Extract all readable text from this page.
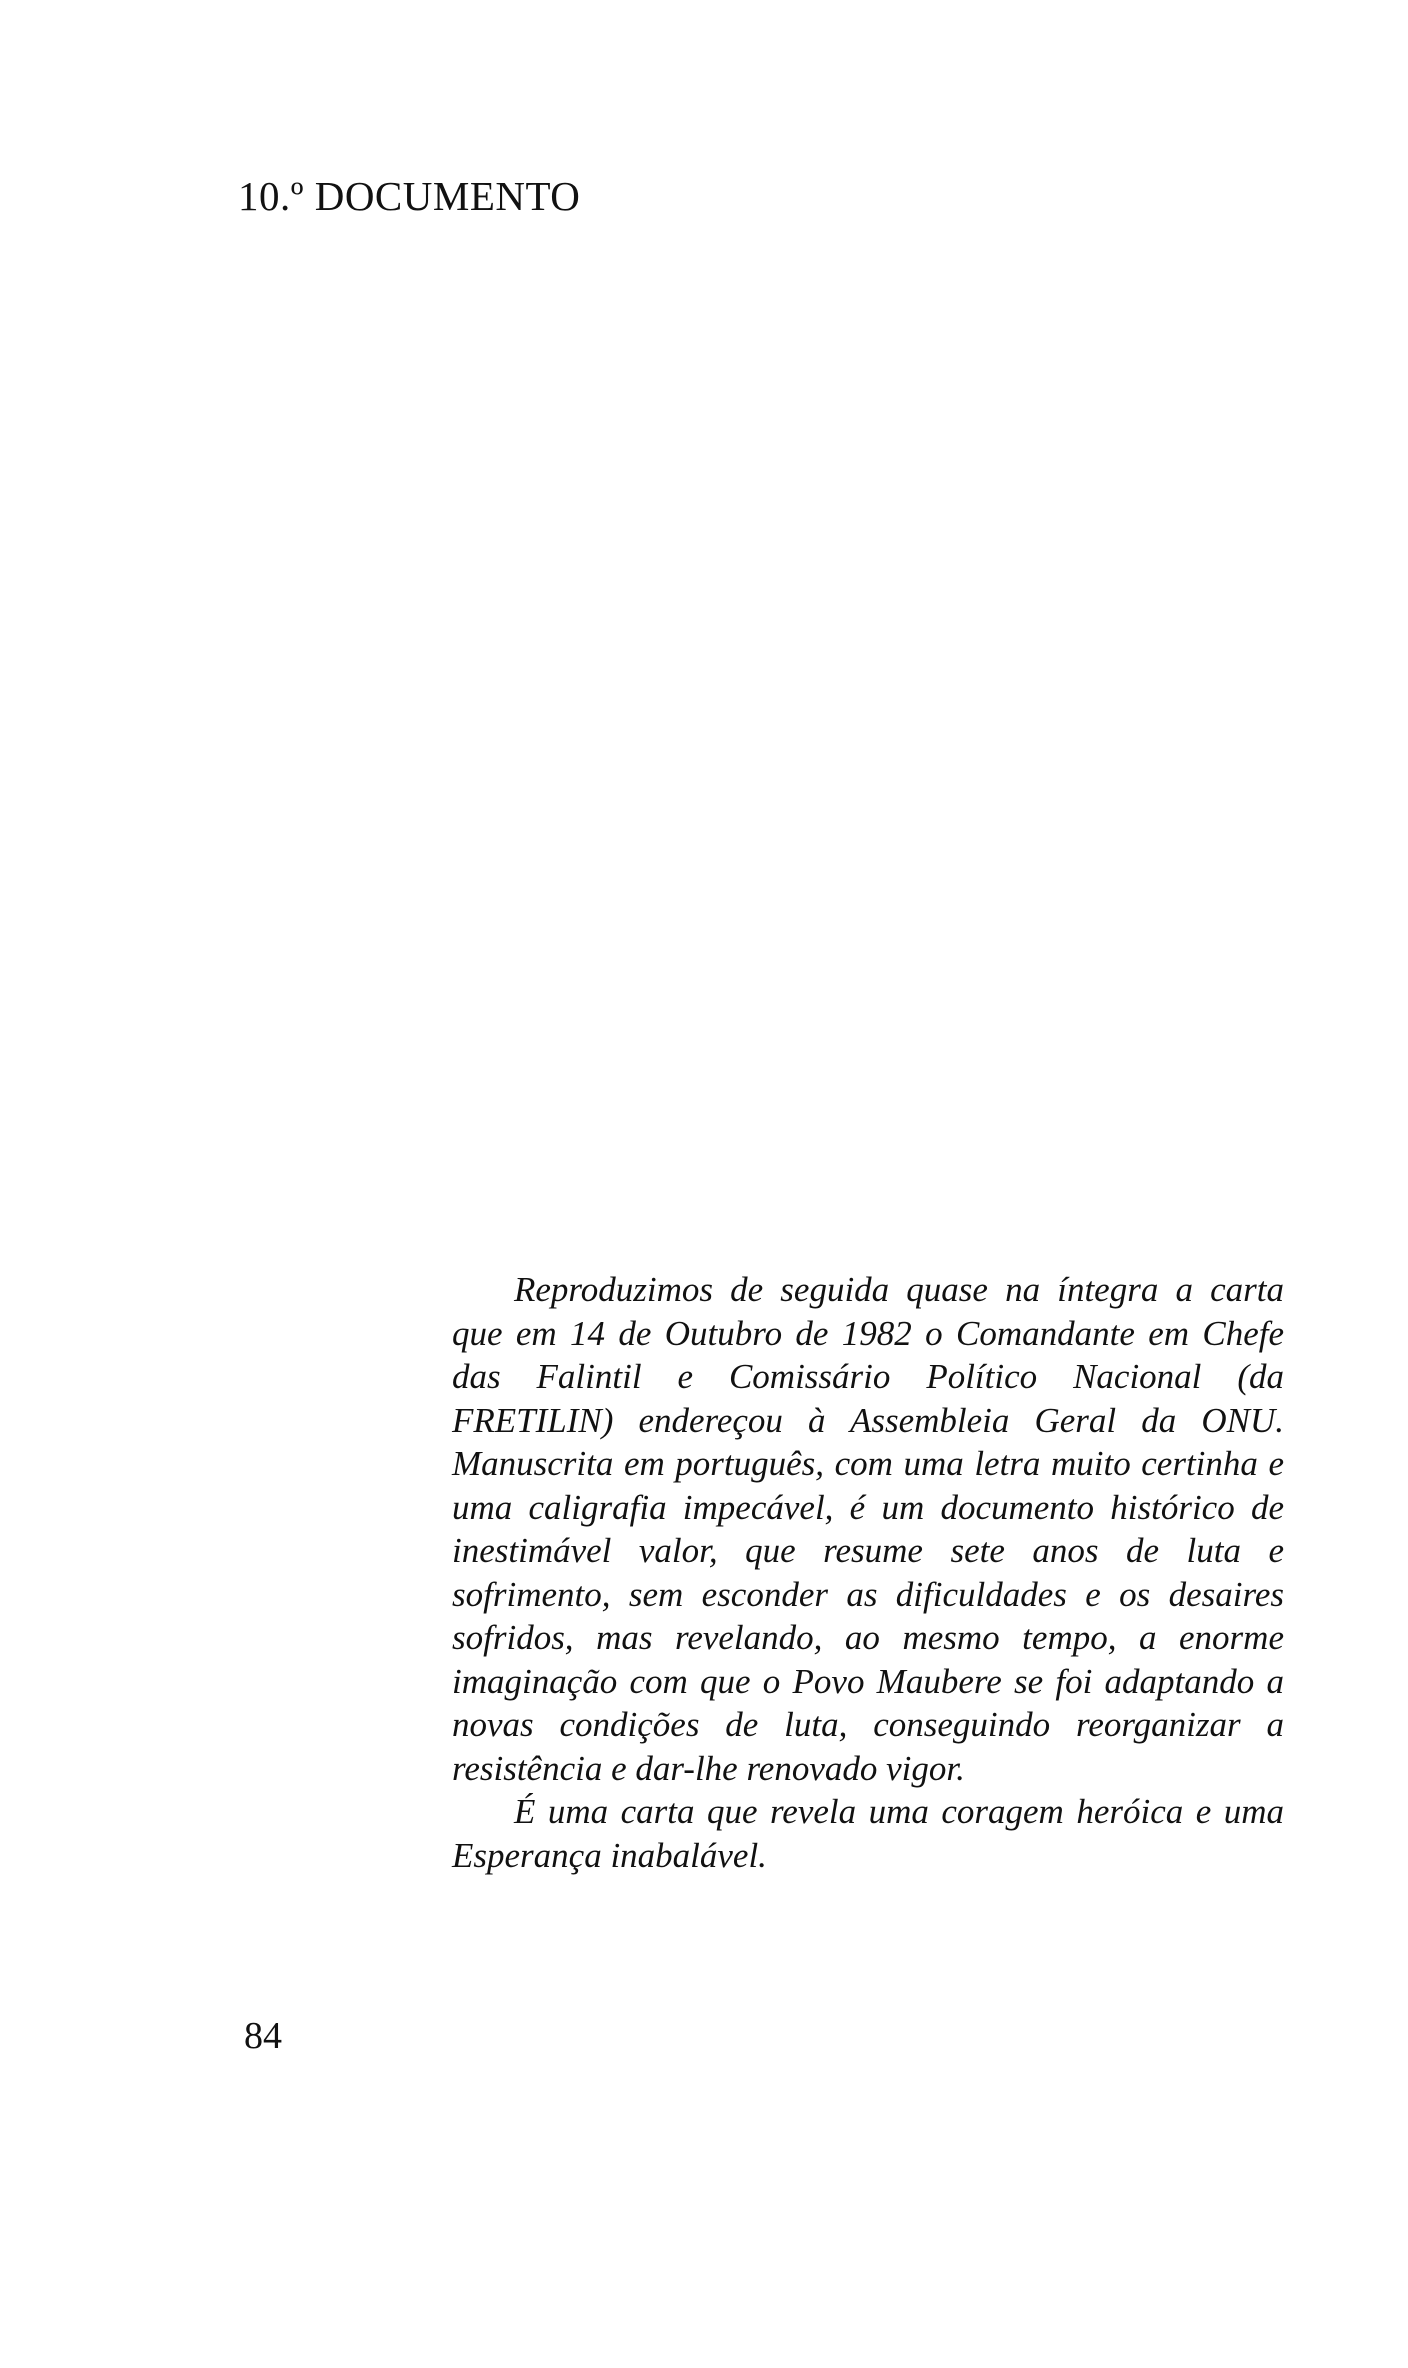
10.º DOCUMENTO

Reproduzimos de seguida quase na íntegra a carta que em 14 de Outubro de 1982 o Comandante em Chefe das Falintil e Comissário Político Nacional (da FRETILIN) endereçou à Assembleia Geral da ONU. Manuscrita em português, com uma letra muito certinha e uma caligrafia impecável, é um documento histórico de inestimável valor, que resume sete anos de luta e sofrimento, sem esconder as dificuldades e os desaires sofridos, mas revelando, ao mesmo tempo, a enorme imaginação com que o Povo Maubere se foi adaptando a novas condições de luta, conseguindo reorganizar a resistência e dar-lhe renovado vigor.

É uma carta que revela uma coragem heróica e uma Esperança inabalável.

84
